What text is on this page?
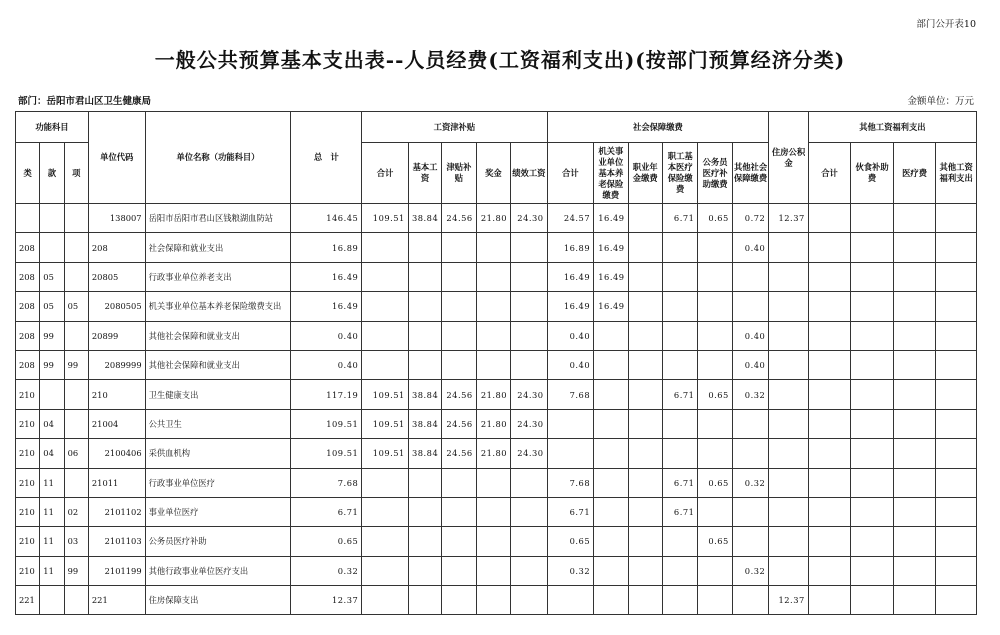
部门公开表10
一般公共预算基本支出表--人员经费(工资福利支出)(按部门预算经济分类)
部门：岳阳市君山区卫生健康局	金额单位：万元
功能科目			单位代码	单位名称（功能科目）	总　计	工资津补贴					社会保障缴费						住房公积金	其他工资福利支出			
类	款	项				合计	基本工资	津贴补贴	奖金	绩效工资	合计	机关事业单位基本养老保险缴费	职业年金缴费	职工基本医疗保险缴费	公务员医疗补助缴费	其他社会保障缴费		合计	伙食补助费	医疗费	其他工资福利支出
			138007	岳阳市岳阳市君山区钱粮湖血防站	146.45	109.51	38.84	24.56	21.80	24.30	24.57	16.49		6.71	0.65	0.72	12.37				
208			208	社会保障和就业支出	16.89						16.89	16.49				0.40					
208	05		20805	行政事业单位养老支出	16.49						16.49	16.49									
208	05	05	2080505	机关事业单位基本养老保险缴费支出	16.49						16.49	16.49									
208	99		20899	其他社会保障和就业支出	0.40						0.40					0.40					
208	99	99	2089999	其他社会保障和就业支出	0.40						0.40					0.40					
210			210	卫生健康支出	117.19	109.51	38.84	24.56	21.80	24.30	7.68			6.71	0.65	0.32					
210	04		21004	公共卫生	109.51	109.51	38.84	24.56	21.80	24.30											
210	04	06	2100406	采供血机构	109.51	109.51	38.84	24.56	21.80	24.30											
210	11		21011	行政事业单位医疗	7.68						7.68			6.71	0.65	0.32					
210	11	02	2101102	事业单位医疗	6.71						6.71			6.71							
210	11	03	2101103	公务员医疗补助	0.65						0.65				0.65						
210	11	99	2101199	其他行政事业单位医疗支出	0.32						0.32					0.32					
221			221	住房保障支出	12.37												12.37				
